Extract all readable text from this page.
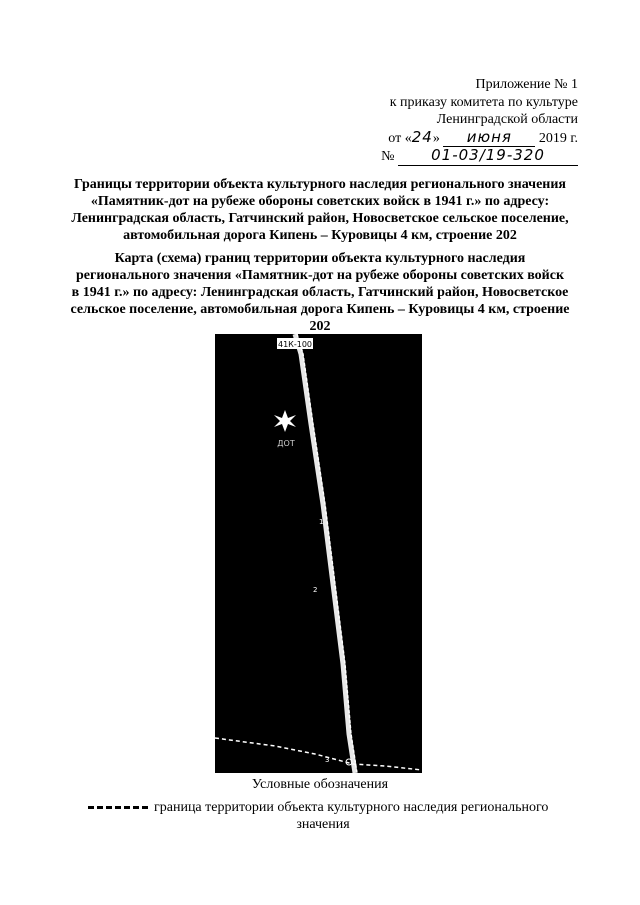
Приложение № 1
к приказу комитета по культуре
Ленинградской области
от «24» июня 2019 г.
№ 01-03/19-320

Границы территории объекта культурного наследия регионального значения

«Памятник-дот на рубеже обороны советских войск в 1941 г.» по адресу:

Ленинградская область, Гатчинский район, Новосветское сельское поселение,

автомобильная дорога Кипень – Куровицы 4 км, строение 202

Карта (схема) границ территории объекта культурного наследия

регионального значения «Памятник-дот на рубеже обороны советских войск

в 1941 г.» по адресу: Ленинградская область, Гатчинский район, Новосветское

сельское поселение, автомобильная дорога Кипень – Куровицы 4 км, строение

202

41К-100
ДОТ
1
2
3
Условные обозначения
граница территории объекта культурного наследия регионального
значения
